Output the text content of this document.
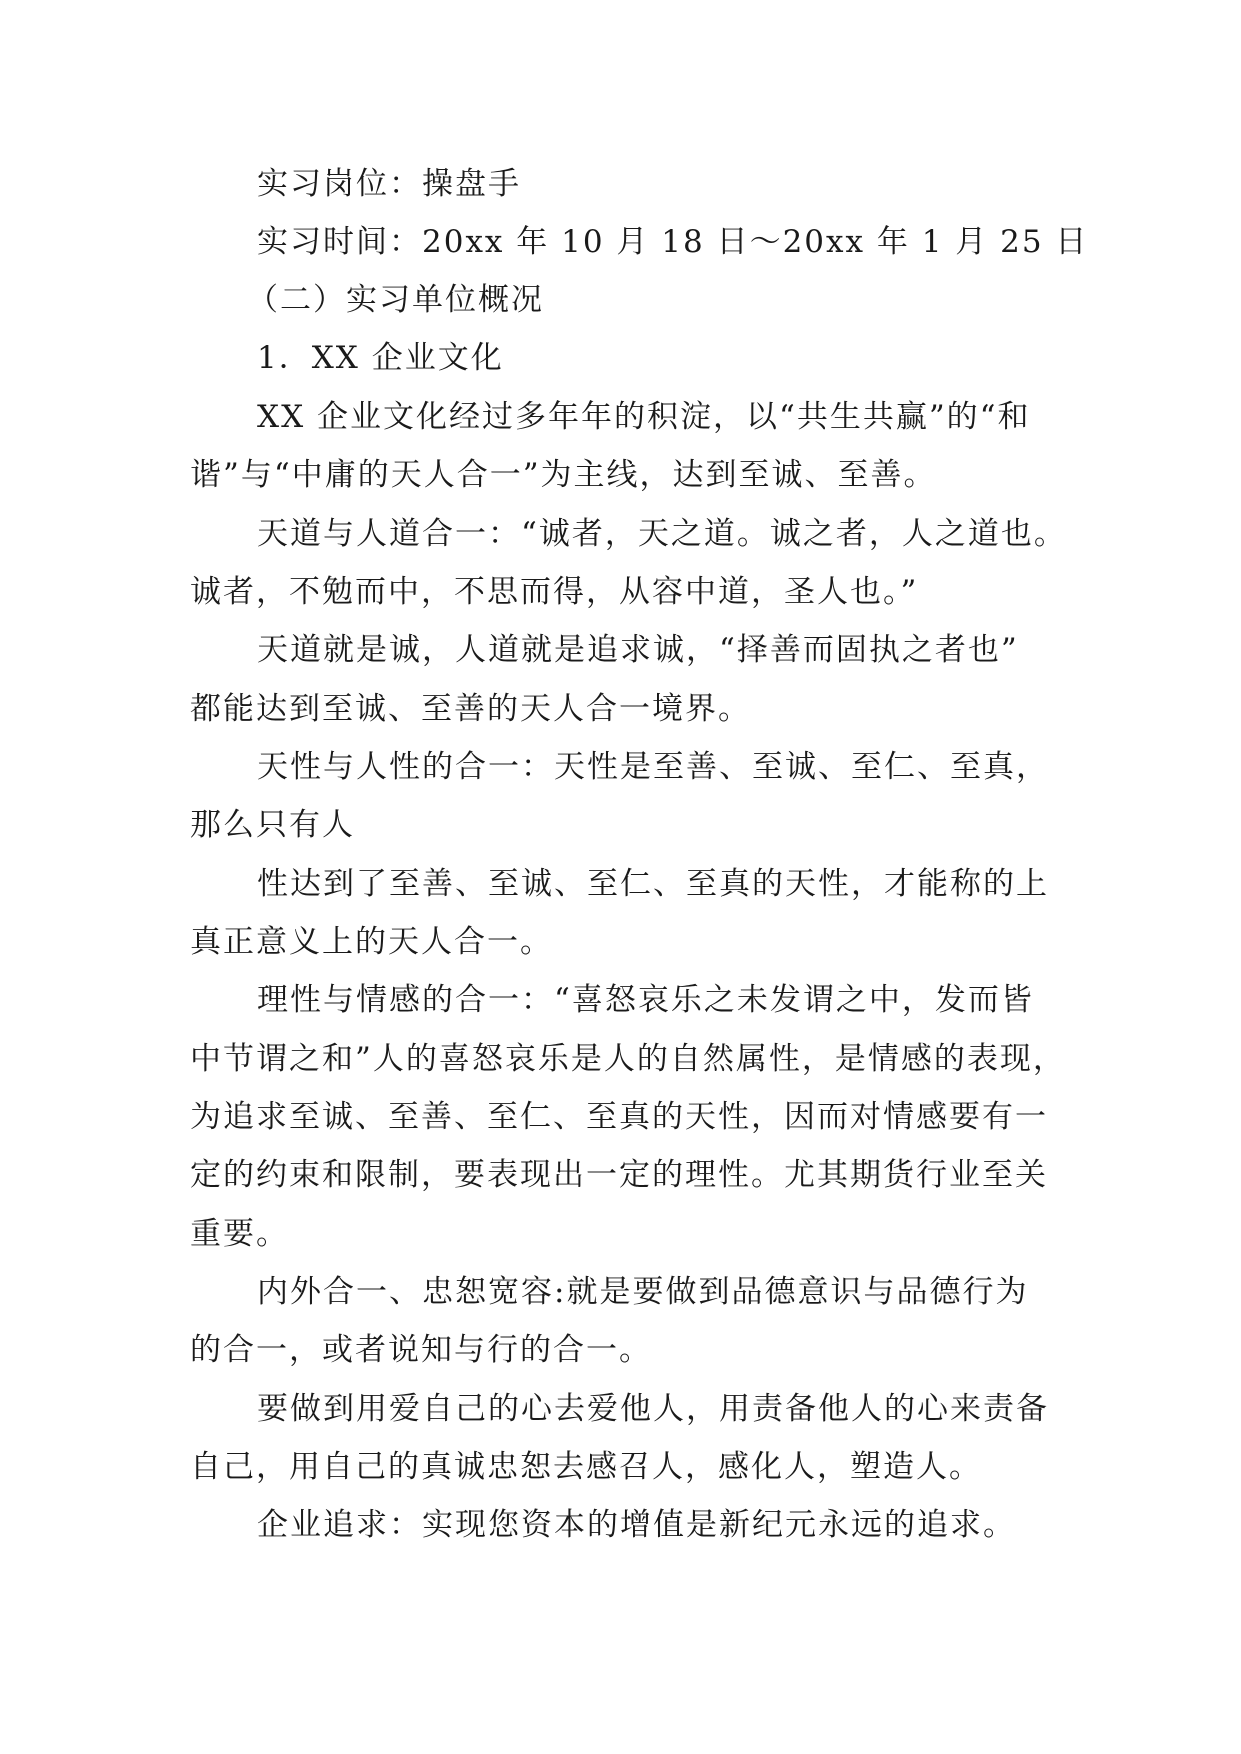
实习岗位：操盘手
实习时间：20xx 年 10 月 18 日～20xx 年 1 月 25 日
（二）实习单位概况
1．XX 企业文化
XX 企业文化经过多年年的积淀，以“共生共赢”的“和
谐”与“中庸的天人合一”为主线，达到至诚、至善。
天道与人道合一：“诚者，天之道。诚之者，人之道也。
诚者，不勉而中，不思而得，从容中道，圣人也。”
天道就是诚，人道就是追求诚，“择善而固执之者也”
都能达到至诚、至善的天人合一境界。
天性与人性的合一：天性是至善、至诚、至仁、至真，
那么只有人
性达到了至善、至诚、至仁、至真的天性，才能称的上
真正意义上的天人合一。
理性与情感的合一：“喜怒哀乐之未发谓之中，发而皆
中节谓之和”人的喜怒哀乐是人的自然属性，是情感的表现，
为追求至诚、至善、至仁、至真的天性，因而对情感要有一
定的约束和限制，要表现出一定的理性。尤其期货行业至关
重要。
内外合一、忠恕宽容:就是要做到品德意识与品德行为
的合一，或者说知与行的合一。
要做到用爱自己的心去爱他人，用责备他人的心来责备
自己，用自己的真诚忠恕去感召人，感化人，塑造人。
企业追求：实现您资本的增值是新纪元永远的追求。
